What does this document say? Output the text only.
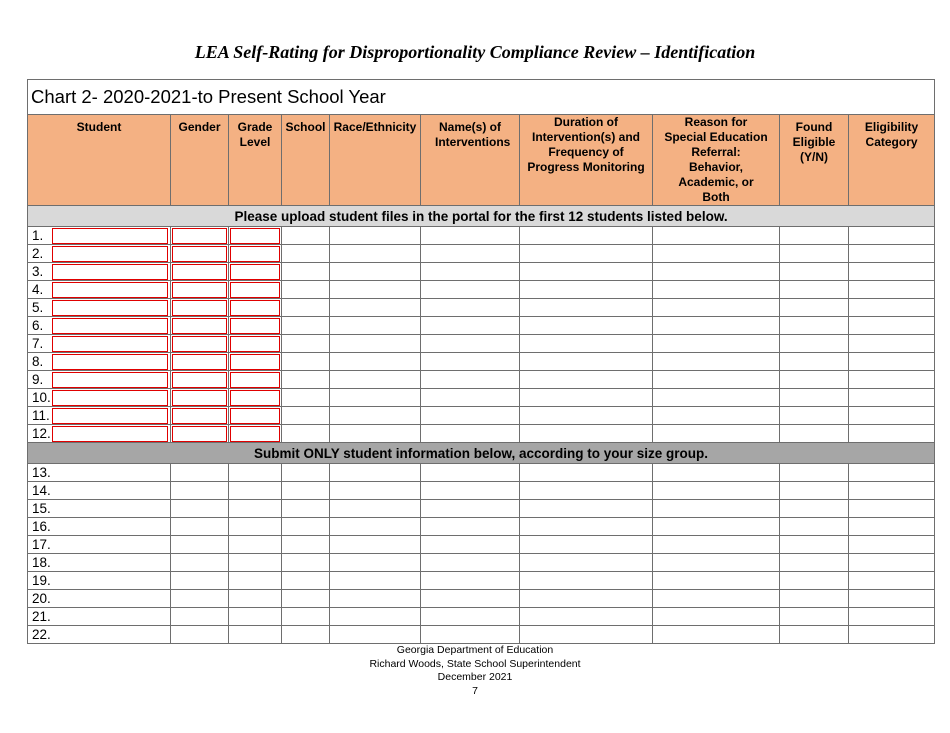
LEA Self-Rating for Disproportionality Compliance Review – Identification
Chart 2- 2020-2021-to Present School Year									
Student	Gender	Grade Level	School	Race/Ethnicity	Name(s) of Interventions	Duration of Intervention(s) and Frequency of Progress Monitoring	Reason for Special Education Referral: Behavior, Academic, or Both	Found Eligible (Y/N)	Eligibility Category

Please upload student files in the portal for the first 12 students listed below.									
1.	

2.	

3.	

4.	

5.	

6.	

7.	

8.	

9.	

10.	

11.	

12.	

Submit ONLY student information below, according to your size group.									
13.									
14.									
15.									
16.									
17.									
18.									
19.									
20.									
21.									
22.									
Georgia Department of Education
Richard Woods, State School Superintendent
December 2021
7
